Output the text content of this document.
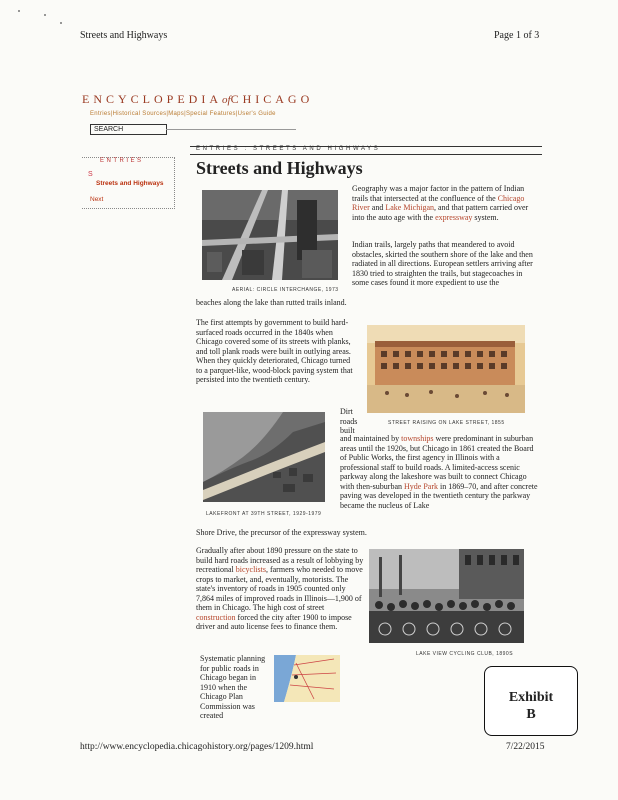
Streets and Highways	Page 1 of 3
ENCYCLOPEDIAofCHICAGO
Entries|Historical Sources|Maps|Special Features|User's Guide
SEARCH
ENTRIES : STREETS AND HIGHWAYS
ENTRIES
S
Streets and Highways
Next
Streets and Highways
AERIAL: CIRCLE INTERCHANGE, 1973
Geography was a major factor in the pattern of Indian trails that intersected at the confluence of the Chicago River and Lake Michigan, and that pattern carried over into the auto age with the expressway system.
Indian trails, largely paths that meandered to avoid obstacles, skirted the southern shore of the lake and then radiated in all directions. European settlers arriving after 1830 tried to straighten the trails, but stagecoaches in some cases found it more expedient to use the
beaches along the lake than rutted trails inland.
The first attempts by government to build hard-surfaced roads occurred in the 1840s when Chicago covered some of its streets with planks, and toll plank roads were built in outlying areas. When they quickly deteriorated, Chicago turned to a parquet-like, wood-block paving system that persisted into the twentieth century.
STREET RAISING ON LAKE STREET, 1855
LAKEFRONT AT 39TH STREET, 1929-1979
Dirt roads built
and maintained by townships were predominant in suburban areas until the 1920s, but Chicago in 1861 created the Board of Public Works, the first agency in Illinois with a professional staff to build roads. A limited-access scenic parkway along the lakeshore was built to connect Chicago with then-suburban Hyde Park in 1869–70, and after concrete paving was developed in the twentieth century the parkway became the nucleus of Lake
Shore Drive, the precursor of the expressway system.
Gradually after about 1890 pressure on the state to build hard roads increased as a result of lobbying by recreational bicyclists, farmers who needed to move crops to market, and, eventually, motorists. The state's inventory of roads in 1905 counted only 7,864 miles of improved roads in Illinois—1,900 of them in Chicago. The high cost of street construction forced the city after 1900 to impose driver and auto license fees to finance them.
LAKE VIEW CYCLING CLUB, 1890S
Systematic planning for public roads in Chicago began in 1910 when the Chicago Plan Commission was created
Exhibit
B
http://www.encyclopedia.chicagohistory.org/pages/1209.html	7/22/2015
